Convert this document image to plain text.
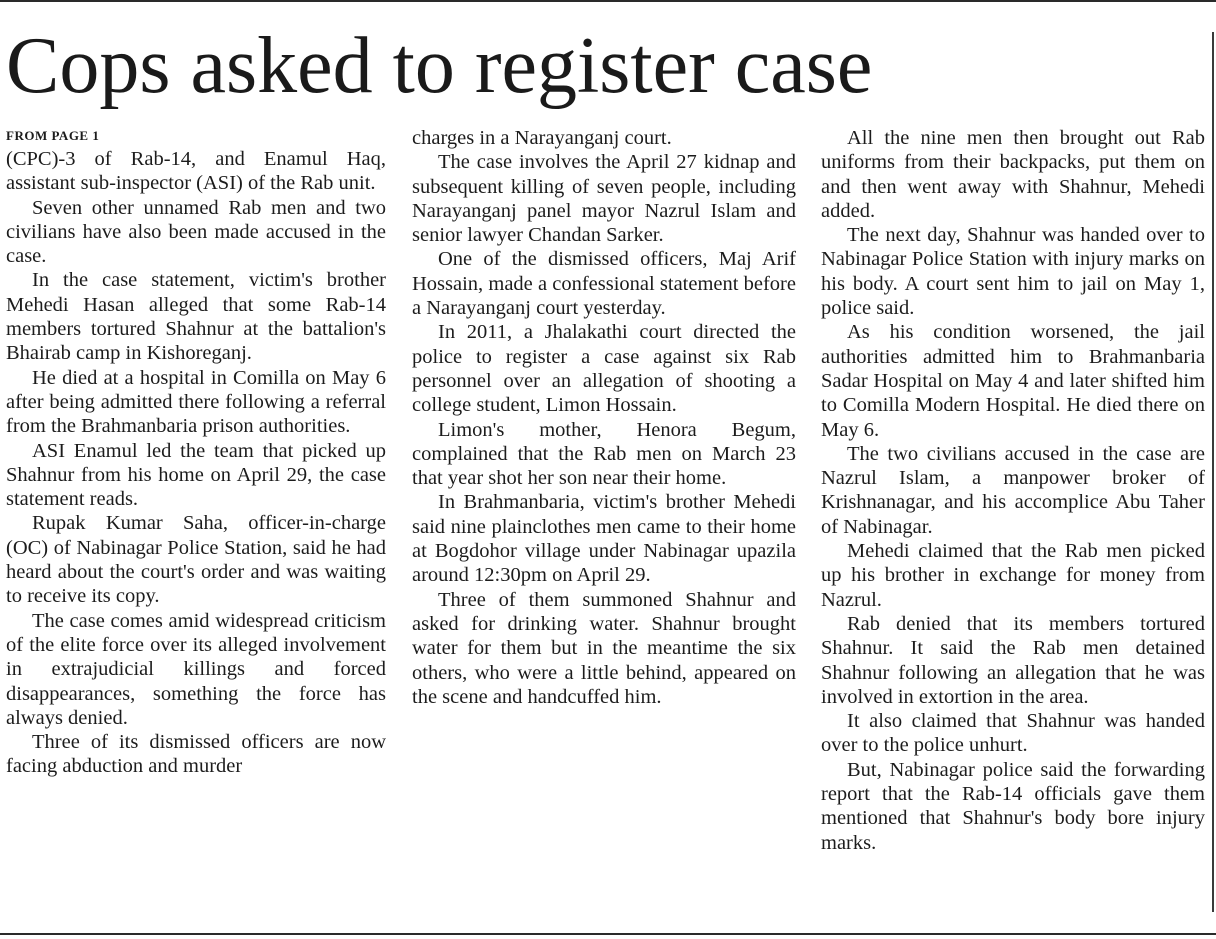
Cops asked to register case
FROM PAGE 1

(CPC)-3 of Rab-14, and Enamul Haq, assistant sub-inspector (ASI) of the Rab unit.

Seven other unnamed Rab men and two civilians have also been made accused in the case.

In the case statement, victim's brother Mehedi Hasan alleged that some Rab-14 members tortured Shahnur at the battalion's Bhairab camp in Kishoreganj.

He died at a hospital in Comilla on May 6 after being admitted there following a referral from the Brahmanbaria prison authorities.

ASI Enamul led the team that picked up Shahnur from his home on April 29, the case statement reads.

Rupak Kumar Saha, officer-in-charge (OC) of Nabinagar Police Station, said he had heard about the court's order and was waiting to receive its copy.

The case comes amid widespread criticism of the elite force over its alleged involvement in extrajudicial killings and forced disappearances, something the force has always denied.

Three of its dismissed officers are now facing abduction and murder

charges in a Narayanganj court.

The case involves the April 27 kidnap and subsequent killing of seven people, including Narayanganj panel mayor Nazrul Islam and senior lawyer Chandan Sarker.

One of the dismissed officers, Maj Arif Hossain, made a confessional statement before a Narayanganj court yesterday.

In 2011, a Jhalakathi court directed the police to register a case against six Rab personnel over an allegation of shooting a college student, Limon Hossain.

Limon's mother, Henora Begum, complained that the Rab men on March 23 that year shot her son near their home.

In Brahmanbaria, victim's brother Mehedi said nine plainclothes men came to their home at Bogdohor village under Nabinagar upazila around 12:30pm on April 29.

Three of them summoned Shahnur and asked for drinking water. Shahnur brought water for them but in the meantime the six others, who were a little behind, appeared on the scene and handcuffed him.

All the nine men then brought out Rab uniforms from their backpacks, put them on and then went away with Shahnur, Mehedi added.

The next day, Shahnur was handed over to Nabinagar Police Station with injury marks on his body. A court sent him to jail on May 1, police said.

As his condition worsened, the jail authorities admitted him to Brahmanbaria Sadar Hospital on May 4 and later shifted him to Comilla Modern Hospital. He died there on May 6.

The two civilians accused in the case are Nazrul Islam, a manpower broker of Krishnanagar, and his accomplice Abu Taher of Nabinagar.

Mehedi claimed that the Rab men picked up his brother in exchange for money from Nazrul.

Rab denied that its members tortured Shahnur. It said the Rab men detained Shahnur following an allegation that he was involved in extortion in the area.

It also claimed that Shahnur was handed over to the police unhurt.

But, Nabinagar police said the forwarding report that the Rab-14 officials gave them mentioned that Shahnur's body bore injury marks.
